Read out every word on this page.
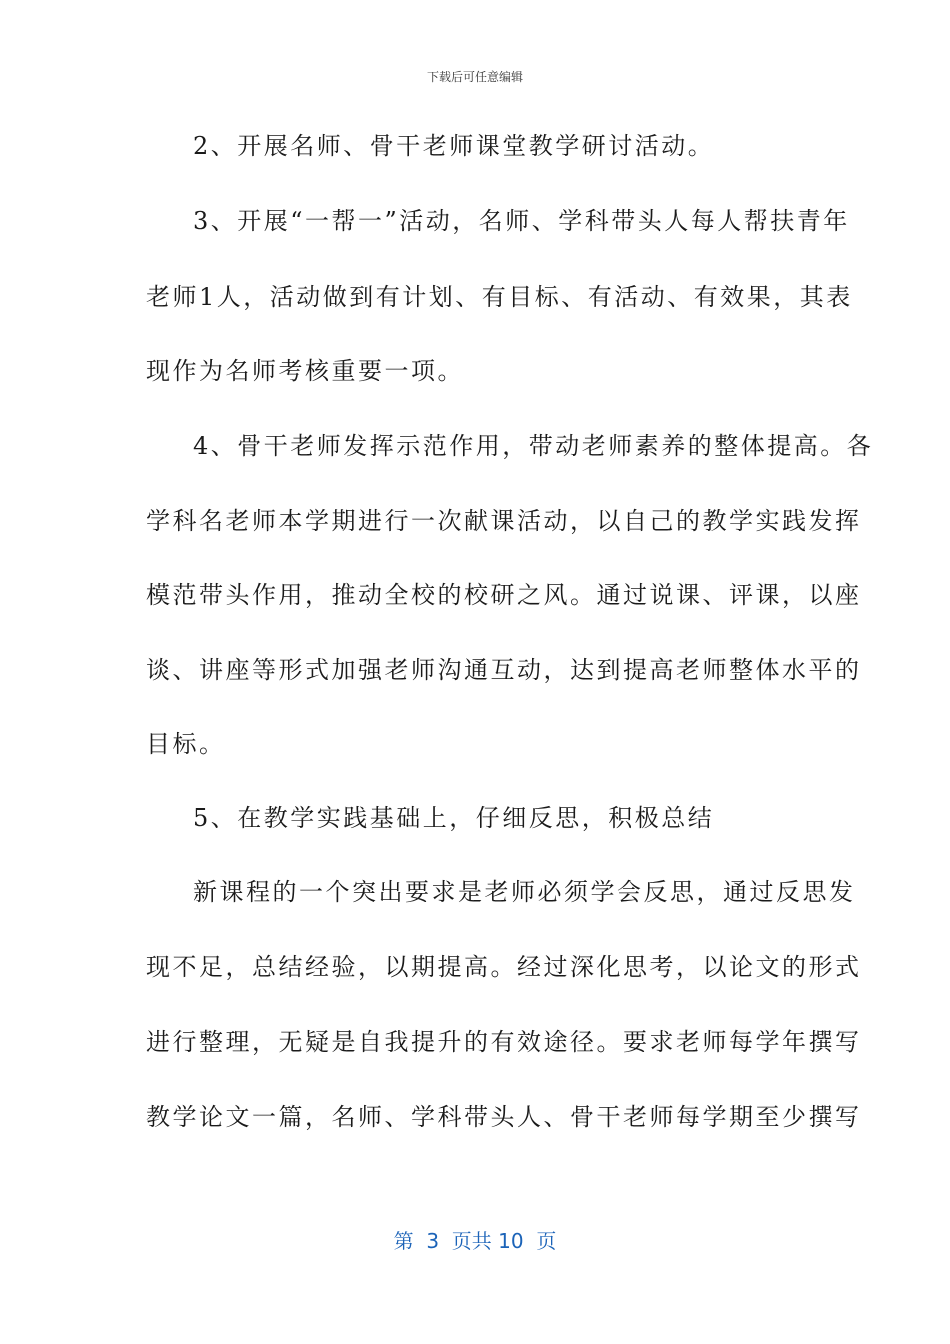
下载后可任意编辑
2、开展名师、骨干老师课堂教学研讨活动。
3、开展“一帮一”活动，名师、学科带头人每人帮扶青年
老师1人，活动做到有计划、有目标、有活动、有效果，其表
现作为名师考核重要一项。
4、骨干老师发挥示范作用，带动老师素养的整体提高。各
学科名老师本学期进行一次献课活动，以自己的教学实践发挥
模范带头作用，推动全校的校研之风。通过说课、评课，以座
谈、讲座等形式加强老师沟通互动，达到提高老师整体水平的
目标。
5、在教学实践基础上，仔细反思，积极总结
新课程的一个突出要求是老师必须学会反思，通过反思发
现不足，总结经验，以期提高。经过深化思考，以论文的形式
进行整理，无疑是自我提升的有效途径。要求老师每学年撰写
教学论文一篇，名师、学科带头人、骨干老师每学期至少撰写
第  3  页共 10  页
